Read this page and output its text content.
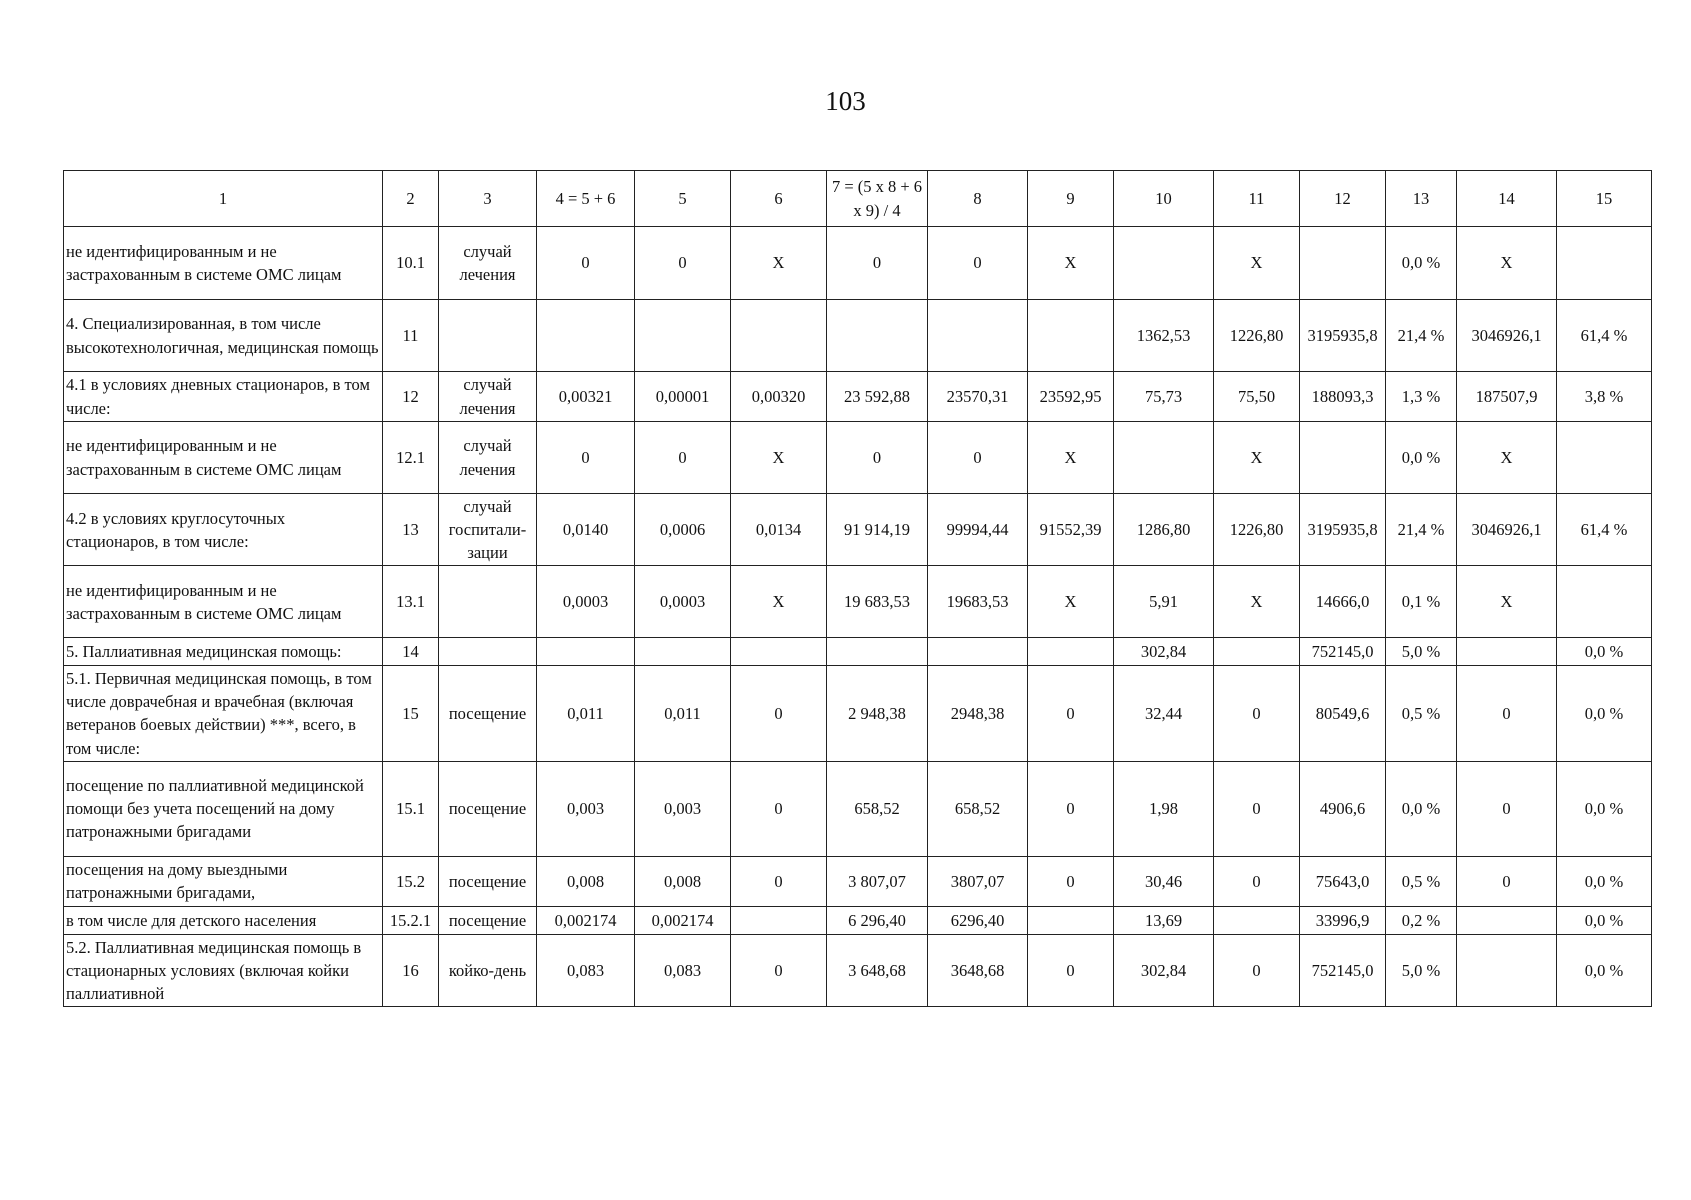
103
1	2	3	4 = 5 + 6	5	6	7 = (5 x 8 + 6 x 9) / 4	8	9	10	11	12	13	14	15
не идентифицированным и не застрахованным в системе ОМС лицам	10.1	случай лечения	0	0	X	0	0	X		X		0,0 %	X	
4. Специализированная, в том числе высокотехнологичная, медицинская помощь	11								1362,53	1226,80	3195935,8	21,4 %	3046926,1	61,4 %
4.1 в условиях дневных стационаров, в том числе:	12	случай лечения	0,00321	0,00001	0,00320	23 592,88	23570,31	23592,95	75,73	75,50	188093,3	1,3 %	187507,9	3,8 %
не идентифицированным и не застрахованным в системе ОМС лицам	12.1	случай лечения	0	0	X	0	0	X		X		0,0 %	X	
4.2 в условиях круглосуточных стационаров, в том числе:	13	случай госпитали-зации	0,0140	0,0006	0,0134	91 914,19	99994,44	91552,39	1286,80	1226,80	3195935,8	21,4 %	3046926,1	61,4 %
не идентифицированным и не застрахованным в системе ОМС лицам	13.1		0,0003	0,0003	X	19 683,53	19683,53	X	5,91	X	14666,0	0,1 %	X	
5. Паллиативная медицинская помощь:	14								302,84		752145,0	5,0 %		0,0 %
5.1. Первичная медицинская помощь, в том числе доврачебная и врачебная (включая ветеранов боевых действии) ***, всего, в том числе:	15	посещение	0,011	0,011	0	2 948,38	2948,38	0	32,44	0	80549,6	0,5 %	0	0,0 %
посещение по паллиативной медицинской помощи без учета посещений на дому патронажными бригадами	15.1	посещение	0,003	0,003	0	658,52	658,52	0	1,98	0	4906,6	0,0 %	0	0,0 %
посещения на дому выездными патронажными бригадами,	15.2	посещение	0,008	0,008	0	3 807,07	3807,07	0	30,46	0	75643,0	0,5 %	0	0,0 %
в том числе для детского населения	15.2.1	посещение	0,002174	0,002174		6 296,40	6296,40		13,69		33996,9	0,2 %		0,0 %
5.2. Паллиативная медицинская помощь в стационарных условиях (включая койки паллиативной	16	койко-день	0,083	0,083	0	3 648,68	3648,68	0	302,84	0	752145,0	5,0 %		0,0 %
